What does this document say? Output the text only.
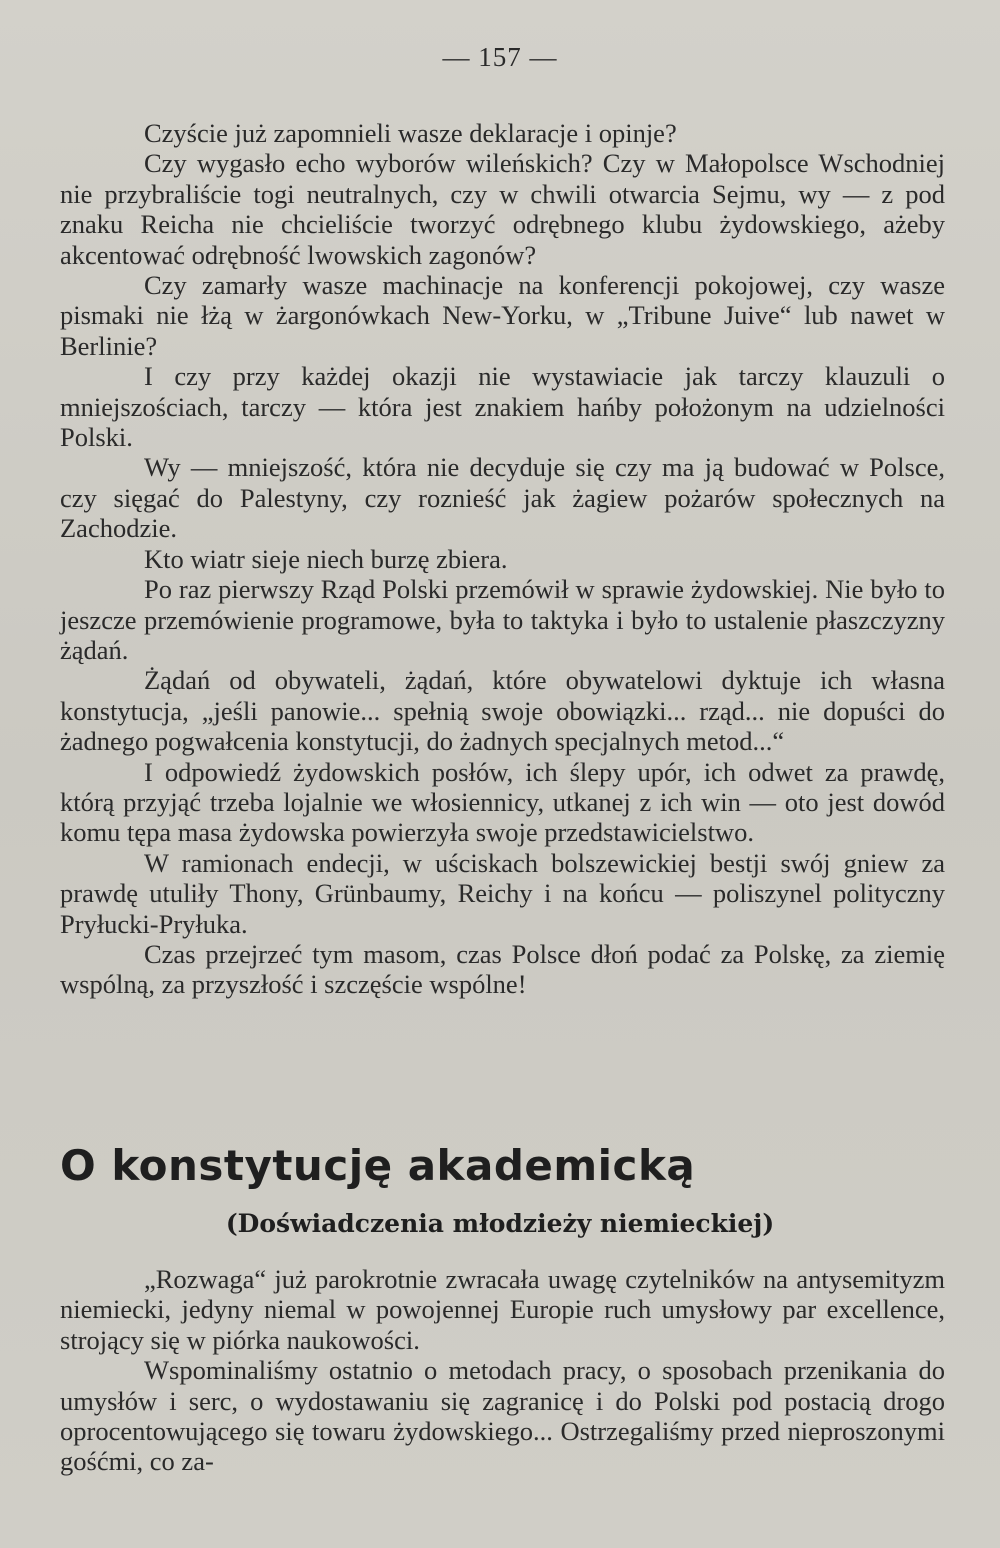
— 157 —

Czyście już zapomnieli wasze deklaracje i opinje?

Czy wygasło echo wyborów wileńskich? Czy w Małopolsce Wschodniej nie przybraliście togi neutralnych, czy w chwili otwarcia Sejmu, wy — z pod znaku Reicha nie chcieliście tworzyć odrębnego klubu żydowskiego, ażeby akcentować odrębność lwowskich zagonów?

Czy zamarły wasze machinacje na konferencji pokojowej, czy wasze pismaki nie łżą w żargonówkach New-Yorku, w „Tribune Juive“ lub nawet w Berlinie?

I czy przy każdej okazji nie wystawiacie jak tarczy klauzuli o mniejszościach, tarczy — która jest znakiem hańby położonym na udzielności Polski.

Wy — mniejszość, która nie decyduje się czy ma ją budować w Polsce, czy sięgać do Palestyny, czy roznieść jak żagiew pożarów społecznych na Zachodzie.

Kto wiatr sieje niech burzę zbiera.

Po raz pierwszy Rząd Polski przemówił w sprawie żydowskiej. Nie było to jeszcze przemówienie programowe, była to taktyka i było to ustalenie płaszczyzny żądań.

Żądań od obywateli, żądań, które obywatelowi dyktuje ich własna konstytucja, „jeśli panowie... spełnią swoje obowiązki... rząd... nie dopuści do żadnego pogwałcenia konstytucji, do żadnych specjalnych metod...“

I odpowiedź żydowskich posłów, ich ślepy upór, ich odwet za prawdę, którą przyjąć trzeba lojalnie we włosiennicy, utkanej z ich win — oto jest dowód komu tępa masa żydowska powierzyła swoje przedstawicielstwo.

W ramionach endecji, w uściskach bolszewickiej bestji swój gniew za prawdę utuliły Thony, Grünbaumy, Reichy i na końcu — poliszynel polityczny Pryłucki-Pryłuka.

Czas przejrzeć tym masom, czas Polsce dłoń podać za Polskę, za ziemię wspólną, za przyszłość i szczęście wspólne!

O konstytucję akademicką
(Doświadczenia młodzieży niemieckiej)

„Rozwaga“ już parokrotnie zwracała uwagę czytelników na antysemityzm niemiecki, jedyny niemal w powojennej Europie ruch umysłowy par excellence, strojący się w piórka naukowości.

Wspominaliśmy ostatnio o metodach pracy, o sposobach przenikania do umysłów i serc, o wydostawaniu się zagranicę i do Polski pod postacią drogo oprocentowującego się towaru żydowskiego... Ostrzegaliśmy przed nieproszonymi gośćmi, co za-
